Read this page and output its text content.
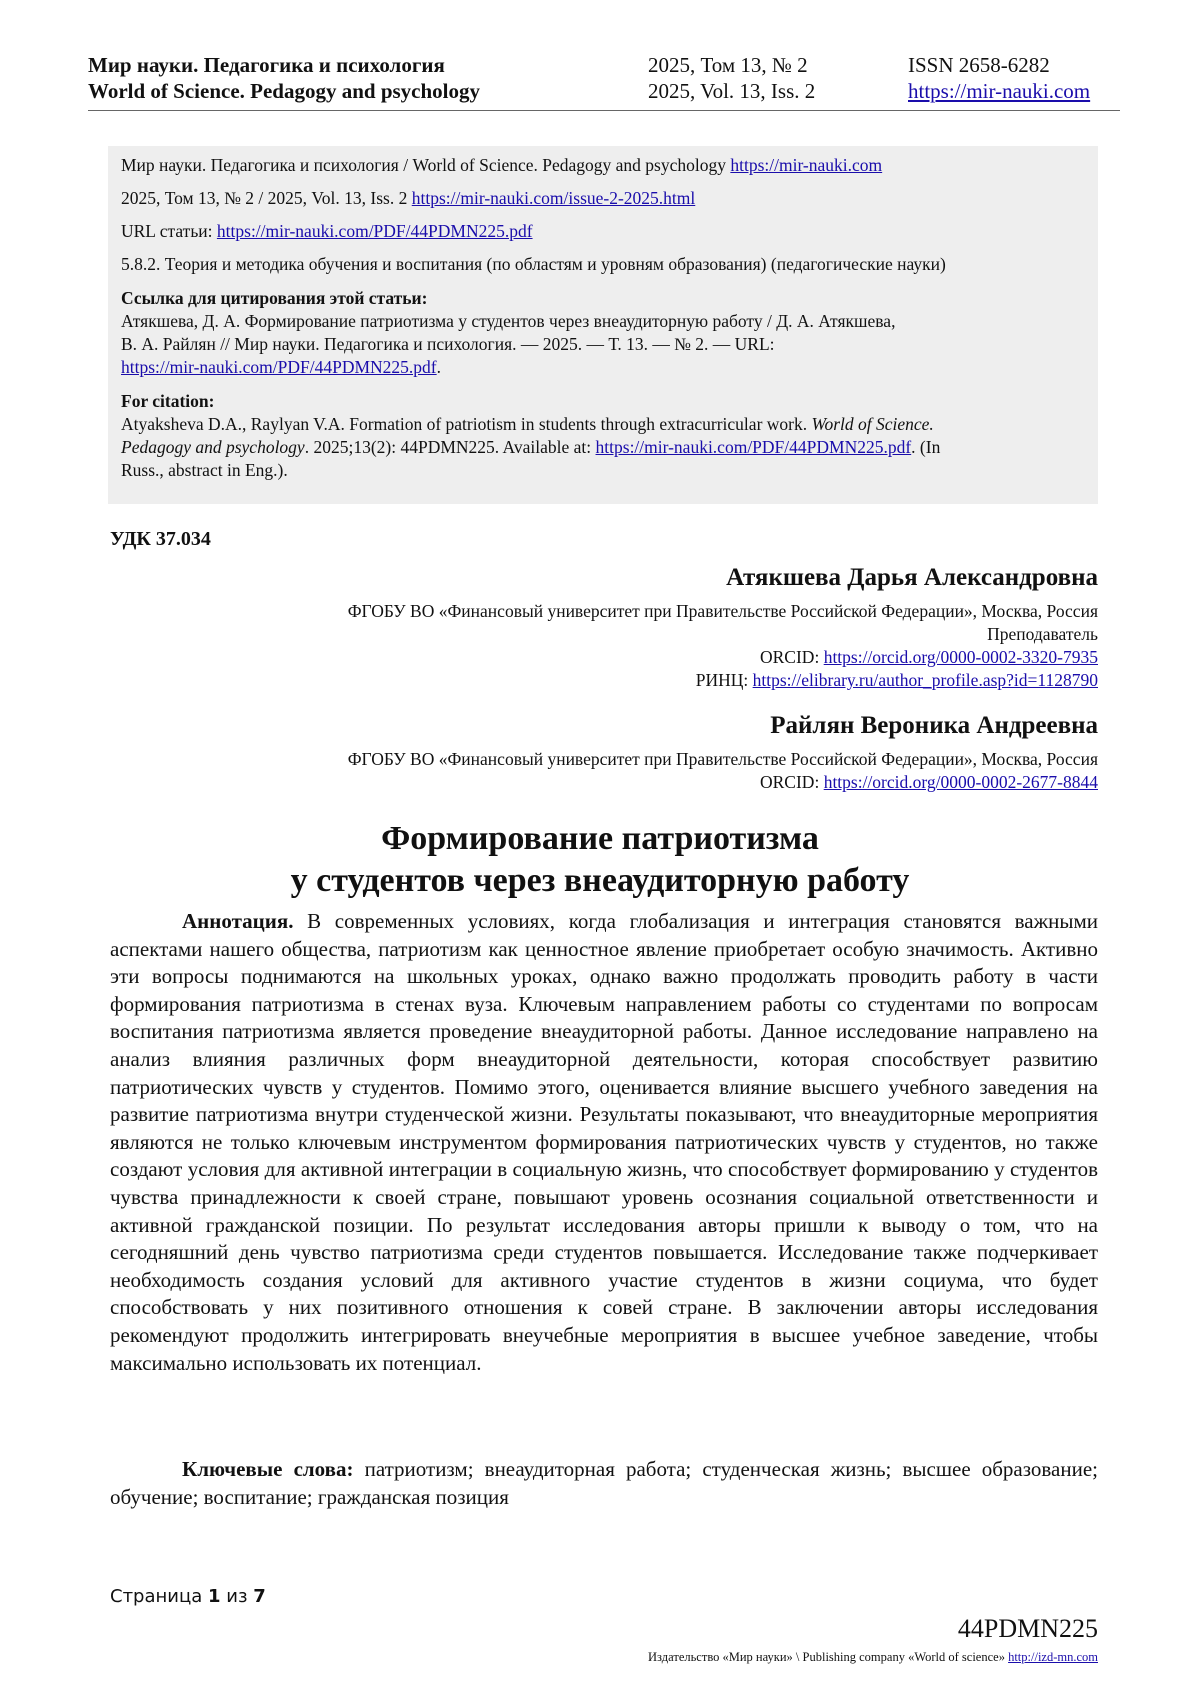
Мир науки. Педагогика и психология
World of Science. Pedagogy and psychology
2025, Том 13, № 2
2025, Vol. 13, Iss. 2
ISSN 2658-6282
https://mir-nauki.com
Мир науки. Педагогика и психология / World of Science. Pedagogy and psychology https://mir-nauki.com
2025, Том 13, № 2 / 2025, Vol. 13, Iss. 2 https://mir-nauki.com/issue-2-2025.html
URL статьи: https://mir-nauki.com/PDF/44PDMN225.pdf
5.8.2. Теория и методика обучения и воспитания (по областям и уровням образования) (педагогические науки)
Ссылка для цитирования этой статьи:
Атякшева, Д. А. Формирование патриотизма у студентов через внеаудиторную работу / Д. А. Атякшева,
В. А. Райлян // Мир науки. Педагогика и психология. — 2025. — Т. 13. — № 2. — URL:
https://mir-nauki.com/PDF/44PDMN225.pdf.
For citation:
Atyaksheva D.A., Raylyan V.A. Formation of patriotism in students through extracurricular work. World of Science.
Pedagogy and psychology. 2025;13(2): 44PDMN225. Available at: https://mir-nauki.com/PDF/44PDMN225.pdf. (In
Russ., abstract in Eng.).
УДК 37.034
Атякшева Дарья Александровна
ФГОБУ ВО «Финансовый университет при Правительстве Российской Федерации», Москва, Россия
Преподаватель
ORCID: https://orcid.org/0000-0002-3320-7935
РИНЦ: https://elibrary.ru/author_profile.asp?id=1128790
Райлян Вероника Андреевна
ФГОБУ ВО «Финансовый университет при Правительстве Российской Федерации», Москва, Россия
ORCID: https://orcid.org/0000-0002-2677-8844
Формирование патриотизма
у студентов через внеаудиторную работу

Аннотация. В современных условиях, когда глобализация и интеграция становятся важными аспектами нашего общества, патриотизм как ценностное явление приобретает особую значимость. Активно эти вопросы поднимаются на школьных уроках, однако важно продолжать проводить работу в части формирования патриотизма в стенах вуза. Ключевым направлением работы со студентами по вопросам воспитания патриотизма является проведение внеаудиторной работы. Данное исследование направлено на анализ влияния различных форм внеаудиторной деятельности, которая способствует развитию патриотических чувств у студентов. Помимо этого, оценивается влияние высшего учебного заведения на развитие патриотизма внутри студенческой жизни. Результаты показывают, что внеаудиторные мероприятия являются не только ключевым инструментом формирования патриотических чувств у студентов, но также создают условия для активной интеграции в социальную жизнь, что способствует формированию у студентов чувства принадлежности к своей стране, повышают уровень осознания социальной ответственности и активной гражданской позиции. По результат исследования авторы пришли к выводу о том, что на сегодняшний день чувство патриотизма среди студентов повышается. Исследование также подчеркивает необходимость создания условий для активного участие студентов в жизни социума, что будет способствовать у них позитивного отношения к совей стране. В заключении авторы исследования рекомендуют продолжить интегрировать внеучебные мероприятия в высшее учебное заведение, чтобы максимально использовать их потенциал.

Ключевые слова: патриотизм; внеаудиторная работа; студенческая жизнь; высшее образование; обучение; воспитание; гражданская позиция

Страница 1 из 7
44PDMN225
Издательство «Мир науки» \ Publishing company «World of science» http://izd-mn.com
